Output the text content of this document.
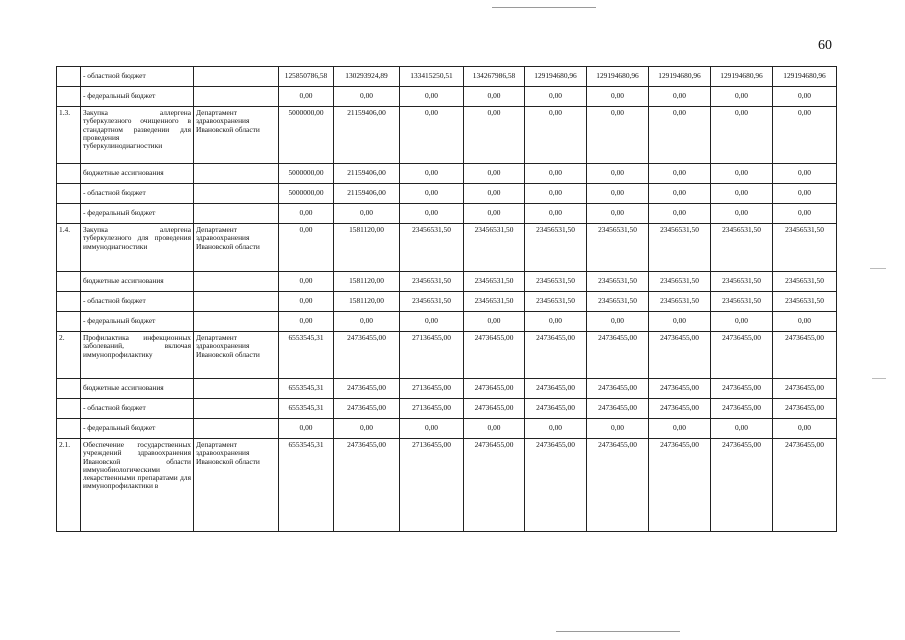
60
	- областной бюджет		125850786,58	130293924,89	133415250,51	134267986,58	129194680,96	129194680,96	129194680,96	129194680,96	129194680,96
	- федеральный бюджет		0,00	0,00	0,00	0,00	0,00	0,00	0,00	0,00	0,00
1.3.	Закупка аллергена туберкулезного очищенного в стандартном разведении для проведения туберкулинодиагностики	Департамент здравоохранения Ивановской области	5000000,00	21159406,00	0,00	0,00	0,00	0,00	0,00	0,00	0,00
	бюджетные ассигнования		5000000,00	21159406,00	0,00	0,00	0,00	0,00	0,00	0,00	0,00
	- областной бюджет		5000000,00	21159406,00	0,00	0,00	0,00	0,00	0,00	0,00	0,00
	- федеральный бюджет		0,00	0,00	0,00	0,00	0,00	0,00	0,00	0,00	0,00
1.4.	Закупка аллергена туберкулезного для проведения иммунодиагностики	Департамент здравоохранения Ивановской области	0,00	1581120,00	23456531,50	23456531,50	23456531,50	23456531,50	23456531,50	23456531,50	23456531,50
	бюджетные ассигнования		0,00	1581120,00	23456531,50	23456531,50	23456531,50	23456531,50	23456531,50	23456531,50	23456531,50
	- областной бюджет		0,00	1581120,00	23456531,50	23456531,50	23456531,50	23456531,50	23456531,50	23456531,50	23456531,50
	- федеральный бюджет		0,00	0,00	0,00	0,00	0,00	0,00	0,00	0,00	0,00
2.	Профилактика инфекционных заболеваний, включая иммунопрофилактику	Департамент здравоохранения Ивановской области	6553545,31	24736455,00	27136455,00	24736455,00	24736455,00	24736455,00	24736455,00	24736455,00	24736455,00
	бюджетные ассигнования		6553545,31	24736455,00	27136455,00	24736455,00	24736455,00	24736455,00	24736455,00	24736455,00	24736455,00
	- областной бюджет		6553545,31	24736455,00	27136455,00	24736455,00	24736455,00	24736455,00	24736455,00	24736455,00	24736455,00
	- федеральный бюджет		0,00	0,00	0,00	0,00	0,00	0,00	0,00	0,00	0,00
2.1.	Обеспечение государственных учреждений здравоохранения Ивановской области иммунобиологическими лекарственными препаратами для иммунопрофилактики в	Департамент здравоохранения Ивановской области	6553545,31	24736455,00	27136455,00	24736455,00	24736455,00	24736455,00	24736455,00	24736455,00	24736455,00
